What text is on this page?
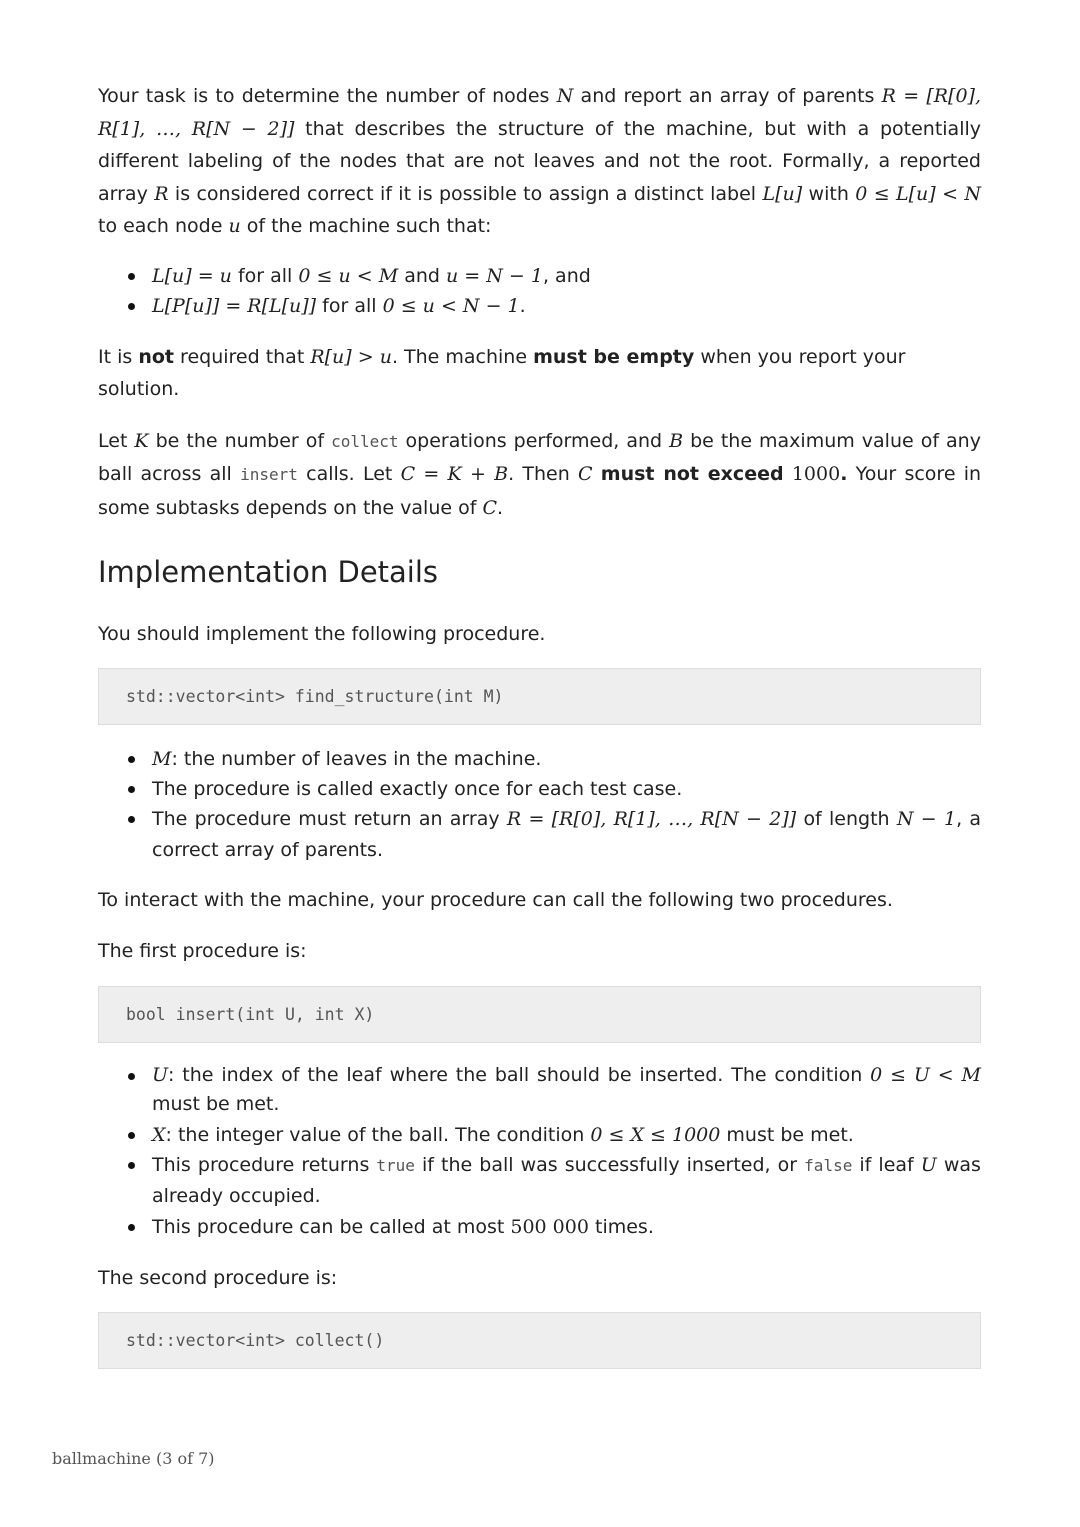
Your task is to determine the number of nodes N and report an array of parents R = [R[0], R[1], …, R[N − 2]] that describes the structure of the machine, but with a potentially different labeling of the nodes that are not leaves and not the root. Formally, a reported array R is considered correct if it is possible to assign a distinct label L[u] with 0 ≤ L[u] < N to each node u of the machine such that:

L[u] = u for all 0 ≤ u < M and u = N − 1, and
L[P[u]] = R[L[u]] for all 0 ≤ u < N − 1.

It is not required that R[u] > u. The machine must be empty when you report your solution.

Let K be the number of collect operations performed, and B be the maximum value of any ball across all insert calls. Let C = K + B. Then C must not exceed 1000. Your score in some subtasks depends on the value of C.

Implementation Details

You should implement the following procedure.

std::vector<int> find_structure(int M)
M: the number of leaves in the machine.
The procedure is called exactly once for each test case.
The procedure must return an array R = [R[0], R[1], …, R[N − 2]] of length N − 1, a correct array of parents.

To interact with the machine, your procedure can call the following two procedures.

The first procedure is:

bool insert(int U, int X)
U: the index of the leaf where the ball should be inserted. The condition 0 ≤ U < M must be met.
X: the integer value of the ball. The condition 0 ≤ X ≤ 1000 must be met.
This procedure returns true if the ball was successfully inserted, or false if leaf U was already occupied.
This procedure can be called at most 500 000 times.

The second procedure is:

std::vector<int> collect()
ballmachine (3 of 7)
